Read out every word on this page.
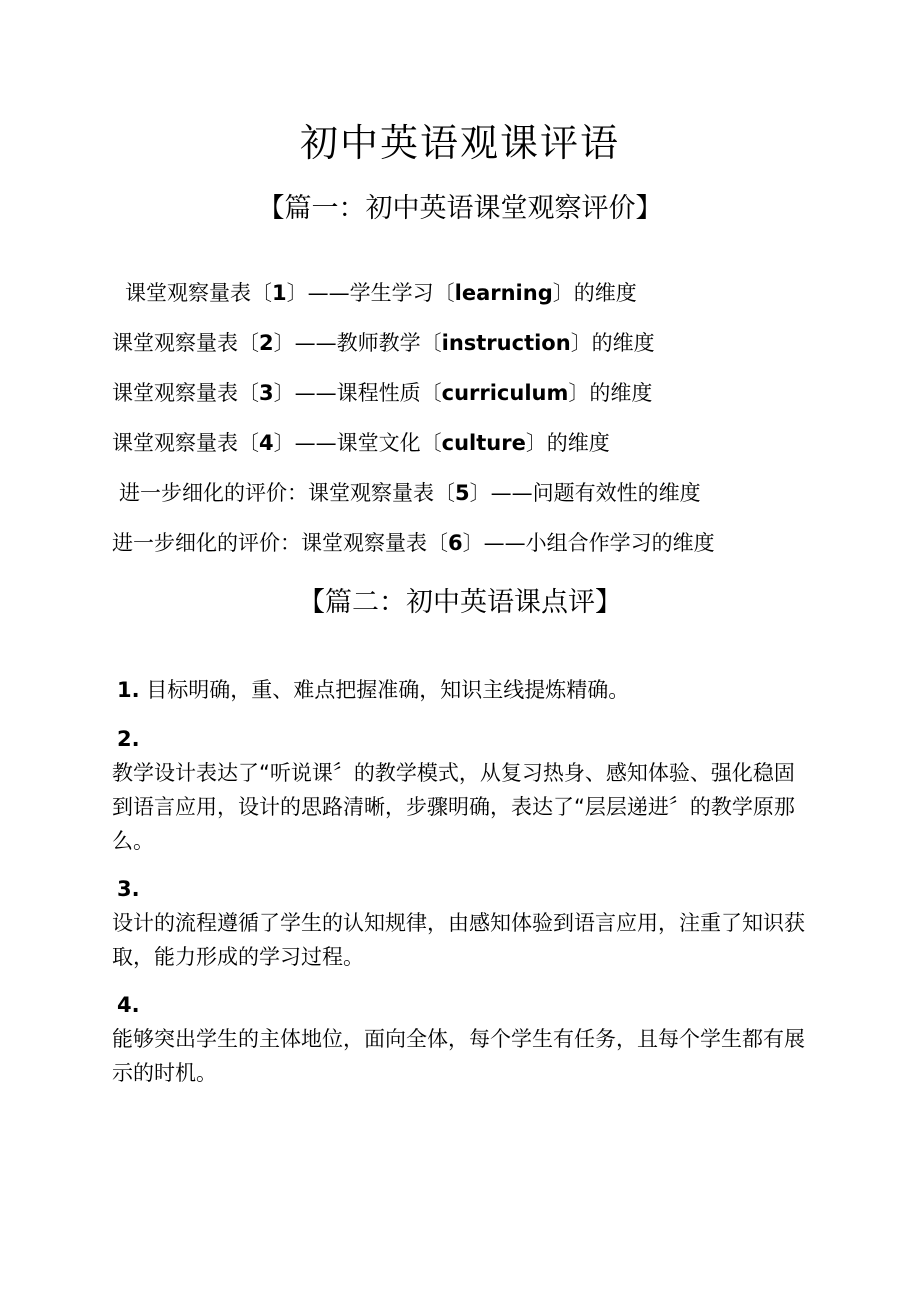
初中英语观课评语
【篇一：初中英语课堂观察评价】
课堂观察量表〔1〕——学生学习〔learning〕的维度
课堂观察量表〔2〕——教师教学〔instruction〕的维度
课堂观察量表〔3〕——课程性质〔curriculum〕的维度
课堂观察量表〔4〕——课堂文化〔culture〕的维度
进一步细化的评价：课堂观察量表〔5〕——问题有效性的维度
进一步细化的评价：课堂观察量表〔6〕——小组合作学习的维度
【篇二：初中英语课点评】
1. 目标明确，重、难点把握准确，知识主线提炼精确。
2.
教学设计表达了“听说课〞的教学模式，从复习热身、感知体验、强化稳固到语言应用，设计的思路清晰，步骤明确，表达了“层层递进〞的教学原那么。
3.
设计的流程遵循了学生的认知规律，由感知体验到语言应用，注重了知识获取，能力形成的学习过程。
4.
能够突出学生的主体地位，面向全体，每个学生有任务，且每个学生都有展示的时机。
